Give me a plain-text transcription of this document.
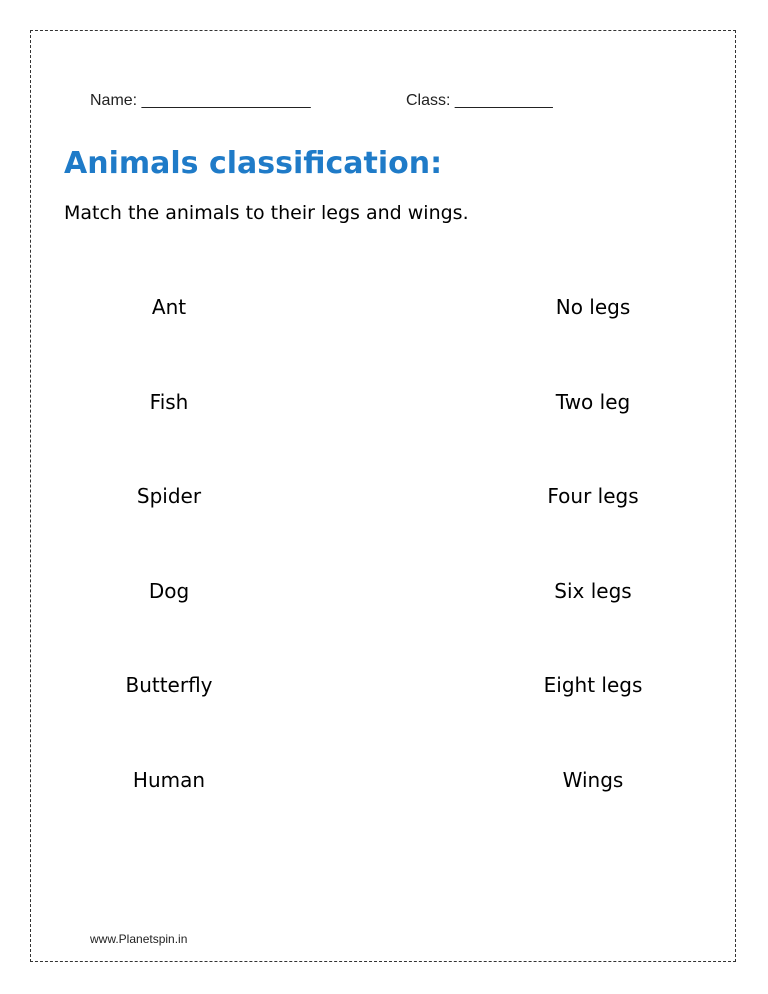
Name: ___________________	Class: ___________
Animals classification:
Match the animals to their legs and wings.
Ant
Fish
Spider
Dog
Butterfly
Human
No legs
Two leg
Four legs
Six legs
Eight legs
Wings
www.Planetspin.in
